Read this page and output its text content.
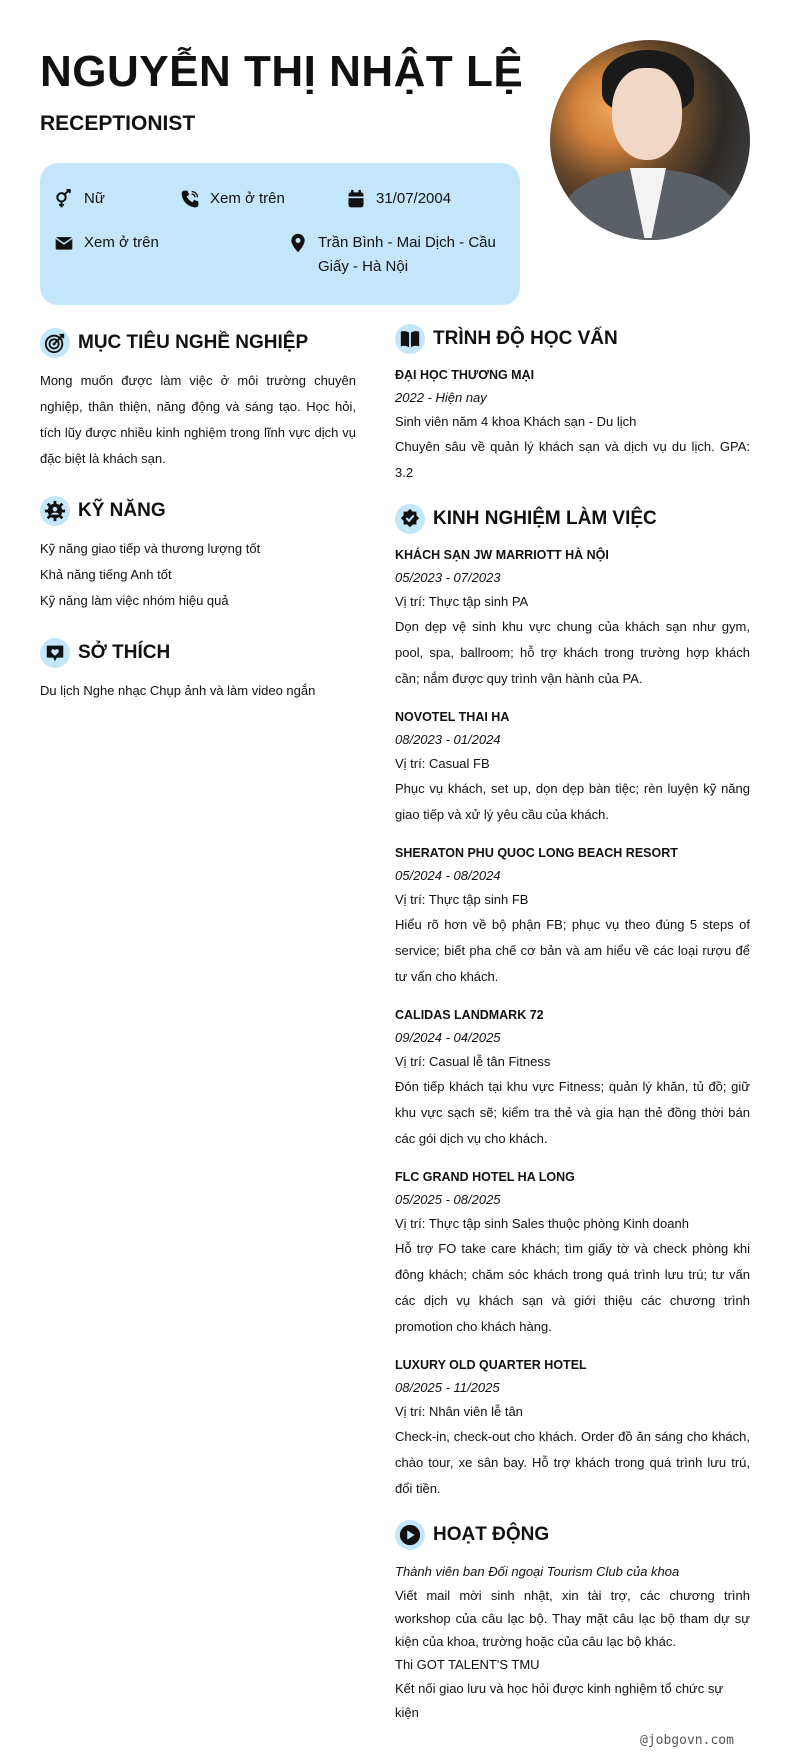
NGUYỄN THỊ NHẬT LỆ
RECEPTIONIST
Nữ	Xem ở trên	31/07/2004
Xem ở trên	Trần Bình - Mai Dịch - Cầu Giấy - Hà Nội
MỤC TIÊU NGHỀ NGHIỆP
Mong muốn được làm việc ở môi trường chuyên nghiệp, thân thiện, năng động và sáng tạo. Học hỏi, tích lũy được nhiều kinh nghiệm trong lĩnh vực dịch vụ đặc biệt là khách sạn.
KỸ NĂNG
Kỹ năng giao tiếp và thương lượng tốt
Khả năng tiếng Anh tốt
Kỹ năng làm việc nhóm hiệu quả
SỞ THÍCH
Du lịch Nghe nhạc Chụp ảnh và làm video ngắn
TRÌNH ĐỘ HỌC VẤN
ĐẠI HỌC THƯƠNG MẠI
2022 - Hiện nay
Sinh viên năm 4 khoa Khách sạn - Du lịch
Chuyên sâu về quản lý khách sạn và dịch vụ du lịch. GPA: 3.2
KINH NGHIỆM LÀM VIỆC
KHÁCH SẠN JW MARRIOTT HÀ NỘI
05/2023 - 07/2023
Vị trí: Thực tập sinh PA
Dọn dẹp vệ sinh khu vực chung của khách sạn như gym, pool, spa, ballroom; hỗ trợ khách trong trường hợp khách cần; nắm được quy trình vận hành của PA.
NOVOTEL THAI HA
08/2023 - 01/2024
Vị trí: Casual FB
Phục vụ khách, set up, dọn dẹp bàn tiệc; rèn luyện kỹ năng giao tiếp và xử lý yêu cầu của khách.
SHERATON PHU QUOC LONG BEACH RESORT
05/2024 - 08/2024
Vị trí: Thực tập sinh FB
Hiểu rõ hơn về bộ phận FB; phục vụ theo đúng 5 steps of service; biết pha chế cơ bản và am hiểu về các loại rượu để tư vấn cho khách.
CALIDAS LANDMARK 72
09/2024 - 04/2025
Vị trí: Casual lễ tân Fitness
Đón tiếp khách tại khu vực Fitness; quản lý khăn, tủ đồ; giữ khu vực sạch sẽ; kiểm tra thẻ và gia hạn thẻ đồng thời bán các gói dịch vụ cho khách.
FLC GRAND HOTEL HA LONG
05/2025 - 08/2025
Vị trí: Thực tập sinh Sales thuộc phòng Kinh doanh
Hỗ trợ FO take care khách; tìm giấy tờ và check phòng khi đông khách; chăm sóc khách trong quá trình lưu trú; tư vấn các dịch vụ khách sạn và giới thiệu các chương trình promotion cho khách hàng.
LUXURY OLD QUARTER HOTEL
08/2025 - 11/2025
Vị trí: Nhân viên lễ tân
Check-in, check-out cho khách. Order đồ ăn sáng cho khách, chào tour, xe sân bay. Hỗ trợ khách trong quá trình lưu trú, đổi tiền.
HOẠT ĐỘNG
Thành viên ban Đối ngoại Tourism Club của khoa
Viết mail mời sinh nhật, xin tài trợ, các chương trình workshop của câu lạc bộ. Thay mặt câu lạc bộ tham dự sự kiện của khoa, trường hoặc của câu lạc bộ khác.
Thi GOT TALENT'S TMU
Kết nối giao lưu và học hỏi được kinh nghiệm tổ chức sự kiện
@jobgovn.com
